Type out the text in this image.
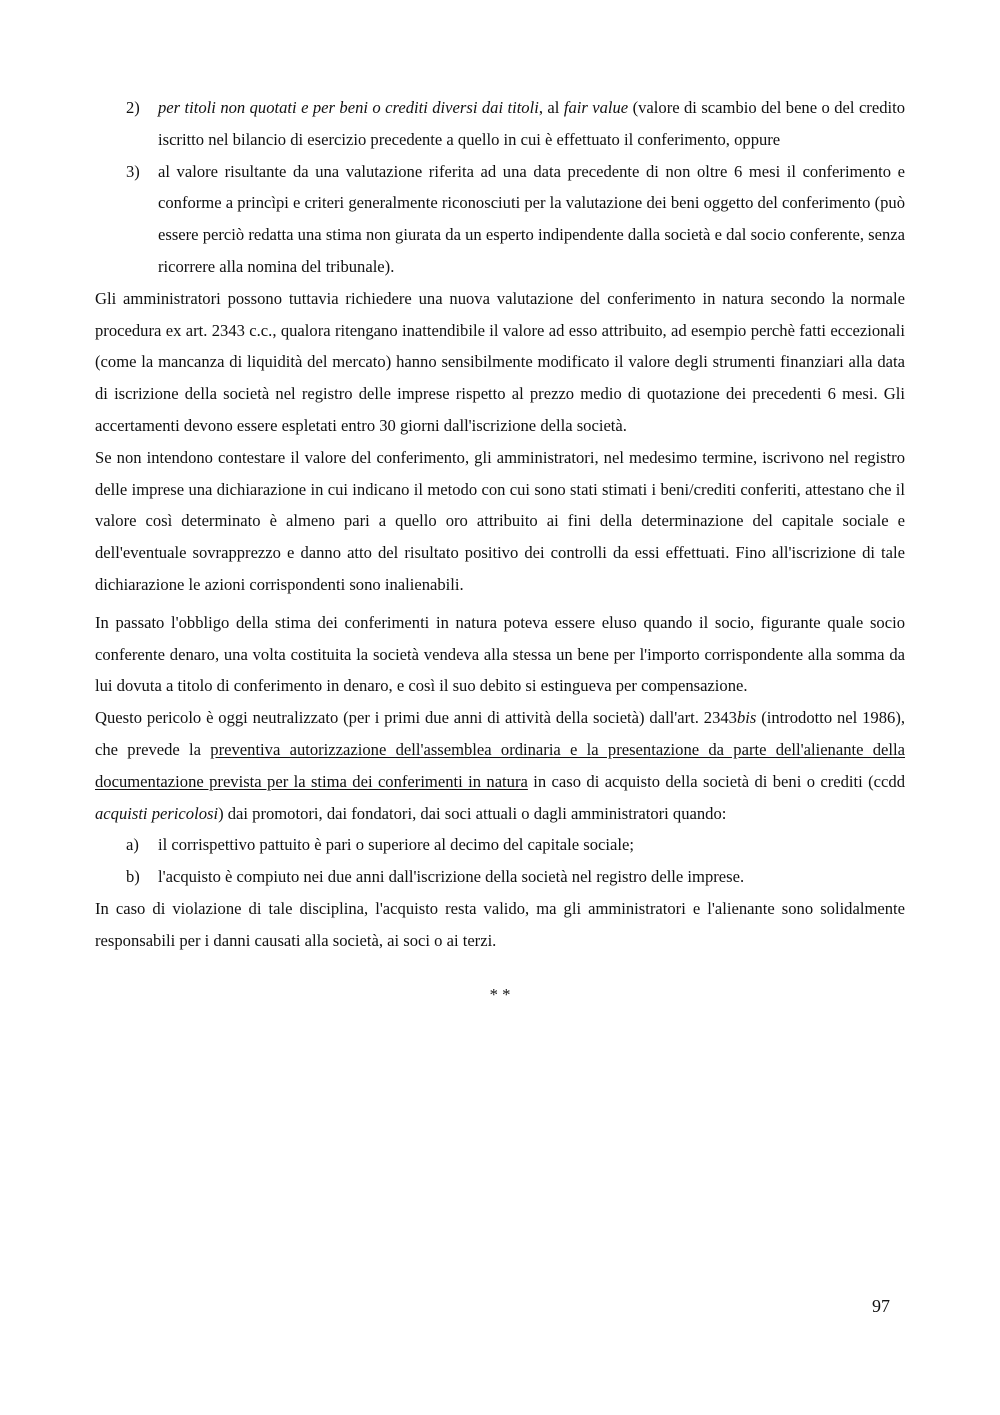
2)	per titoli non quotati e per beni o crediti diversi dai titoli, al fair value (valore di scambio del bene o del credito iscritto nel bilancio di esercizio precedente a quello in cui è effettuato il conferimento, oppure
3)	al valore risultante da una valutazione riferita ad una data precedente di non oltre 6 mesi il conferimento e conforme a princìpi e criteri generalmente riconosciuti per la valutazione dei beni oggetto del conferimento (può essere perciò redatta una stima non giurata da un esperto indipendente dalla società e dal socio conferente, senza ricorrere alla nomina del tribunale).

Gli amministratori possono tuttavia richiedere una nuova valutazione del conferimento in natura secondo la normale procedura ex art. 2343 c.c., qualora ritengano inattendibile il valore ad esso attribuito, ad esempio perchè fatti eccezionali (come la mancanza di liquidità del mercato) hanno sensibilmente modificato il valore degli strumenti finanziari alla data di iscrizione della società nel registro delle imprese rispetto al prezzo medio di quotazione dei precedenti 6 mesi. Gli accertamenti devono essere espletati entro 30 giorni dall'iscrizione della società.

Se non intendono contestare il valore del conferimento, gli amministratori, nel medesimo termine, iscrivono nel registro delle imprese una dichiarazione in cui indicano il metodo con cui sono stati stimati i beni/crediti conferiti, attestano che il valore così determinato è almeno pari a quello oro attribuito ai fini della determinazione del capitale sociale e dell'eventuale sovrapprezzo e danno atto del risultato positivo dei controlli da essi effettuati. Fino all'iscrizione di tale dichiarazione le azioni corrispondenti sono inalienabili.

In passato l'obbligo della stima dei conferimenti in natura poteva essere eluso quando il socio, figurante quale socio conferente denaro, una volta costituita la società vendeva alla stessa un bene per l'importo corrispondente alla somma da lui dovuta a titolo di conferimento in denaro, e così il suo debito si estingueva per compensazione.

Questo pericolo è oggi neutralizzato (per i primi due anni di attività della società) dall'art. 2343bis (introdotto nel 1986), che prevede la preventiva autorizzazione dell'assemblea ordinaria e la presentazione da parte dell'alienante della documentazione prevista per la stima dei conferimenti in natura in caso di acquisto della società di beni o crediti (ccdd acquisti pericolosi) dai promotori, dai fondatori, dai soci attuali o dagli amministratori quando:

a)	il corrispettivo pattuito è pari o superiore al decimo del capitale sociale;
b)	l'acquisto è compiuto nei due anni dall'iscrizione della società nel registro delle imprese.

In caso di violazione di tale disciplina, l'acquisto resta valido, ma gli amministratori e l'alienante sono solidalmente responsabili per i danni causati alla società, ai soci o ai terzi.

* *
97
